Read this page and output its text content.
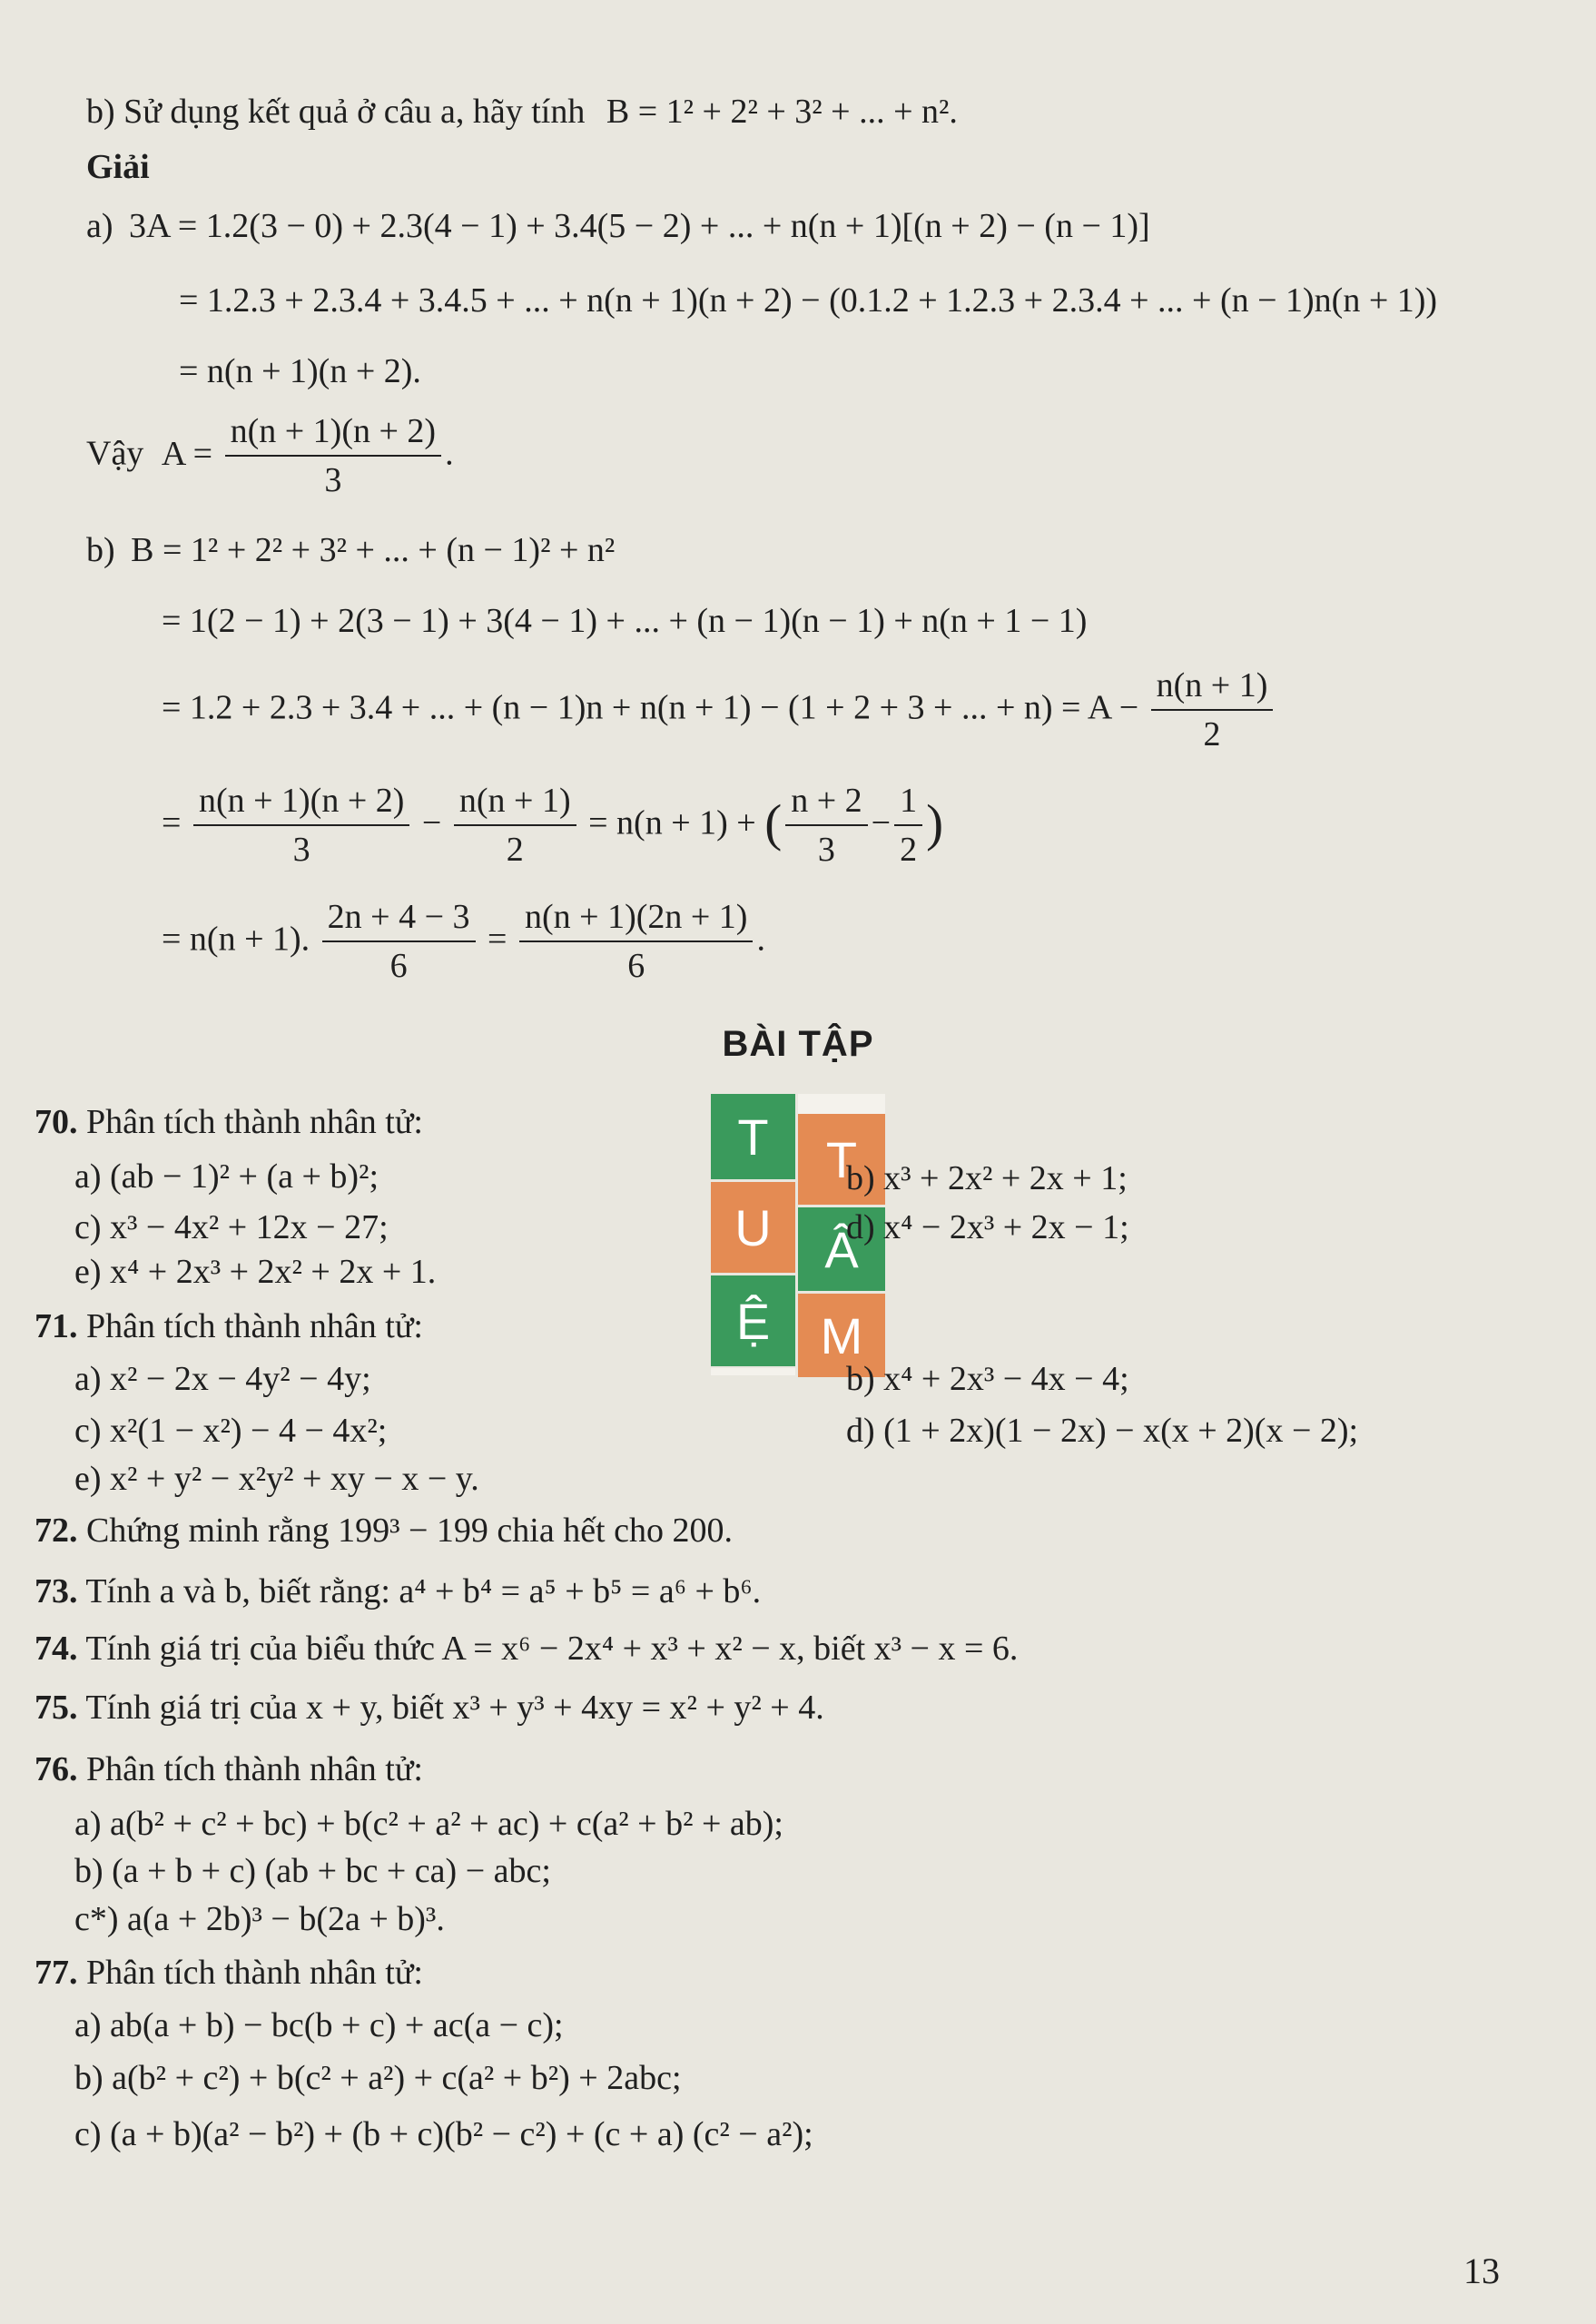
b) Sử dụng kết quả ở câu a, hãy tính B = 1² + 2² + 3² + ... + n².
Giải
a) 3A = 1.2(3 − 0) + 2.3(4 − 1) + 3.4(5 − 2) + ... + n(n + 1)[(n + 2) − (n − 1)]
= 1.2.3 + 2.3.4 + 3.4.5 + ... + n(n + 1)(n + 2) − (0.1.2 + 1.2.3 + 2.3.4 + ... + (n − 1)n(n + 1))
= n(n + 1)(n + 2).
Vậy $A = \frac{n(n + 1)(n + 2)}{3}$ .
b) B = 1² + 2² + 3² + ... + (n − 1)² + n²
= 1(2 − 1) + 2(3 − 1) + 3(4 − 1) + ... + (n − 1)(n − 1) + n(n + 1 − 1)
= 1.2 + 2.3 + 3.4 + ... + (n − 1)n + n(n + 1) − (1 + 2 + 3 + ... + $n) = A - \frac{n(n + 1)}{2}$
= $\frac{n(n + 1)(n + 2)}{3} - \frac{n(n + 1)}{2} = n(n + 1)$ + ( $\frac{n + 2}{3} - \frac{1}{2}$ )
= n(n + 1). $\frac{2n + 4 - 3}{6} = \frac{n(n + 1)(2n + 1)}{6}$ .
BÀI TẬP
T	T
U	Â
Ệ M
70. Phân tích thành nhân tử:
a) (ab − 1)² + (a + b)²;	b) x³ + 2x² + 2x + 1;
c) x³ − 4x² + 12x − 27;	d) x⁴ − 2x³ + 2x − 1;
e) x⁴ + 2x³ + 2x² + 2x + 1.
71. Phân tích thành nhân tử:
a) x² − 2x − 4y² − 4y;	b) x⁴ + 2x³ − 4x − 4;
c) x²(1 − x²) − 4 − 4x²;	d) (1 + 2x)(1 − 2x) − x(x + 2)(x − 2);
e) x² + y² − x²y² + xy − x − y.
72. Chứng minh rằng 199³ − 199 chia hết cho 200.
73. Tính a và b, biết rằng: a⁴ + b⁴ = a⁵ + b⁵ = a⁶ + b⁶.
74. Tính giá trị của biểu thức A = x⁶ − 2x⁴ + x³ + x² − x, biết x³ − x = 6.
75. Tính giá trị của x + y, biết x³ + y³ + 4xy = x² + y² + 4.
76. Phân tích thành nhân tử:
a) a(b² + c² + bc) + b(c² + a² + ac) + c(a² + b² + ab);
b) (a + b + c) (ab + bc + ca) − abc;
c*) a(a + 2b)³ − b(2a + b)³.
77. Phân tích thành nhân tử:
a) ab(a + b) − bc(b + c) + ac(a − c);
b) a(b² + c²) + b(c² + a²) + c(a² + b²) + 2abc;
c) (a + b)(a² − b²) + (b + c)(b² − c²) + (c + a) (c² − a²);
13
